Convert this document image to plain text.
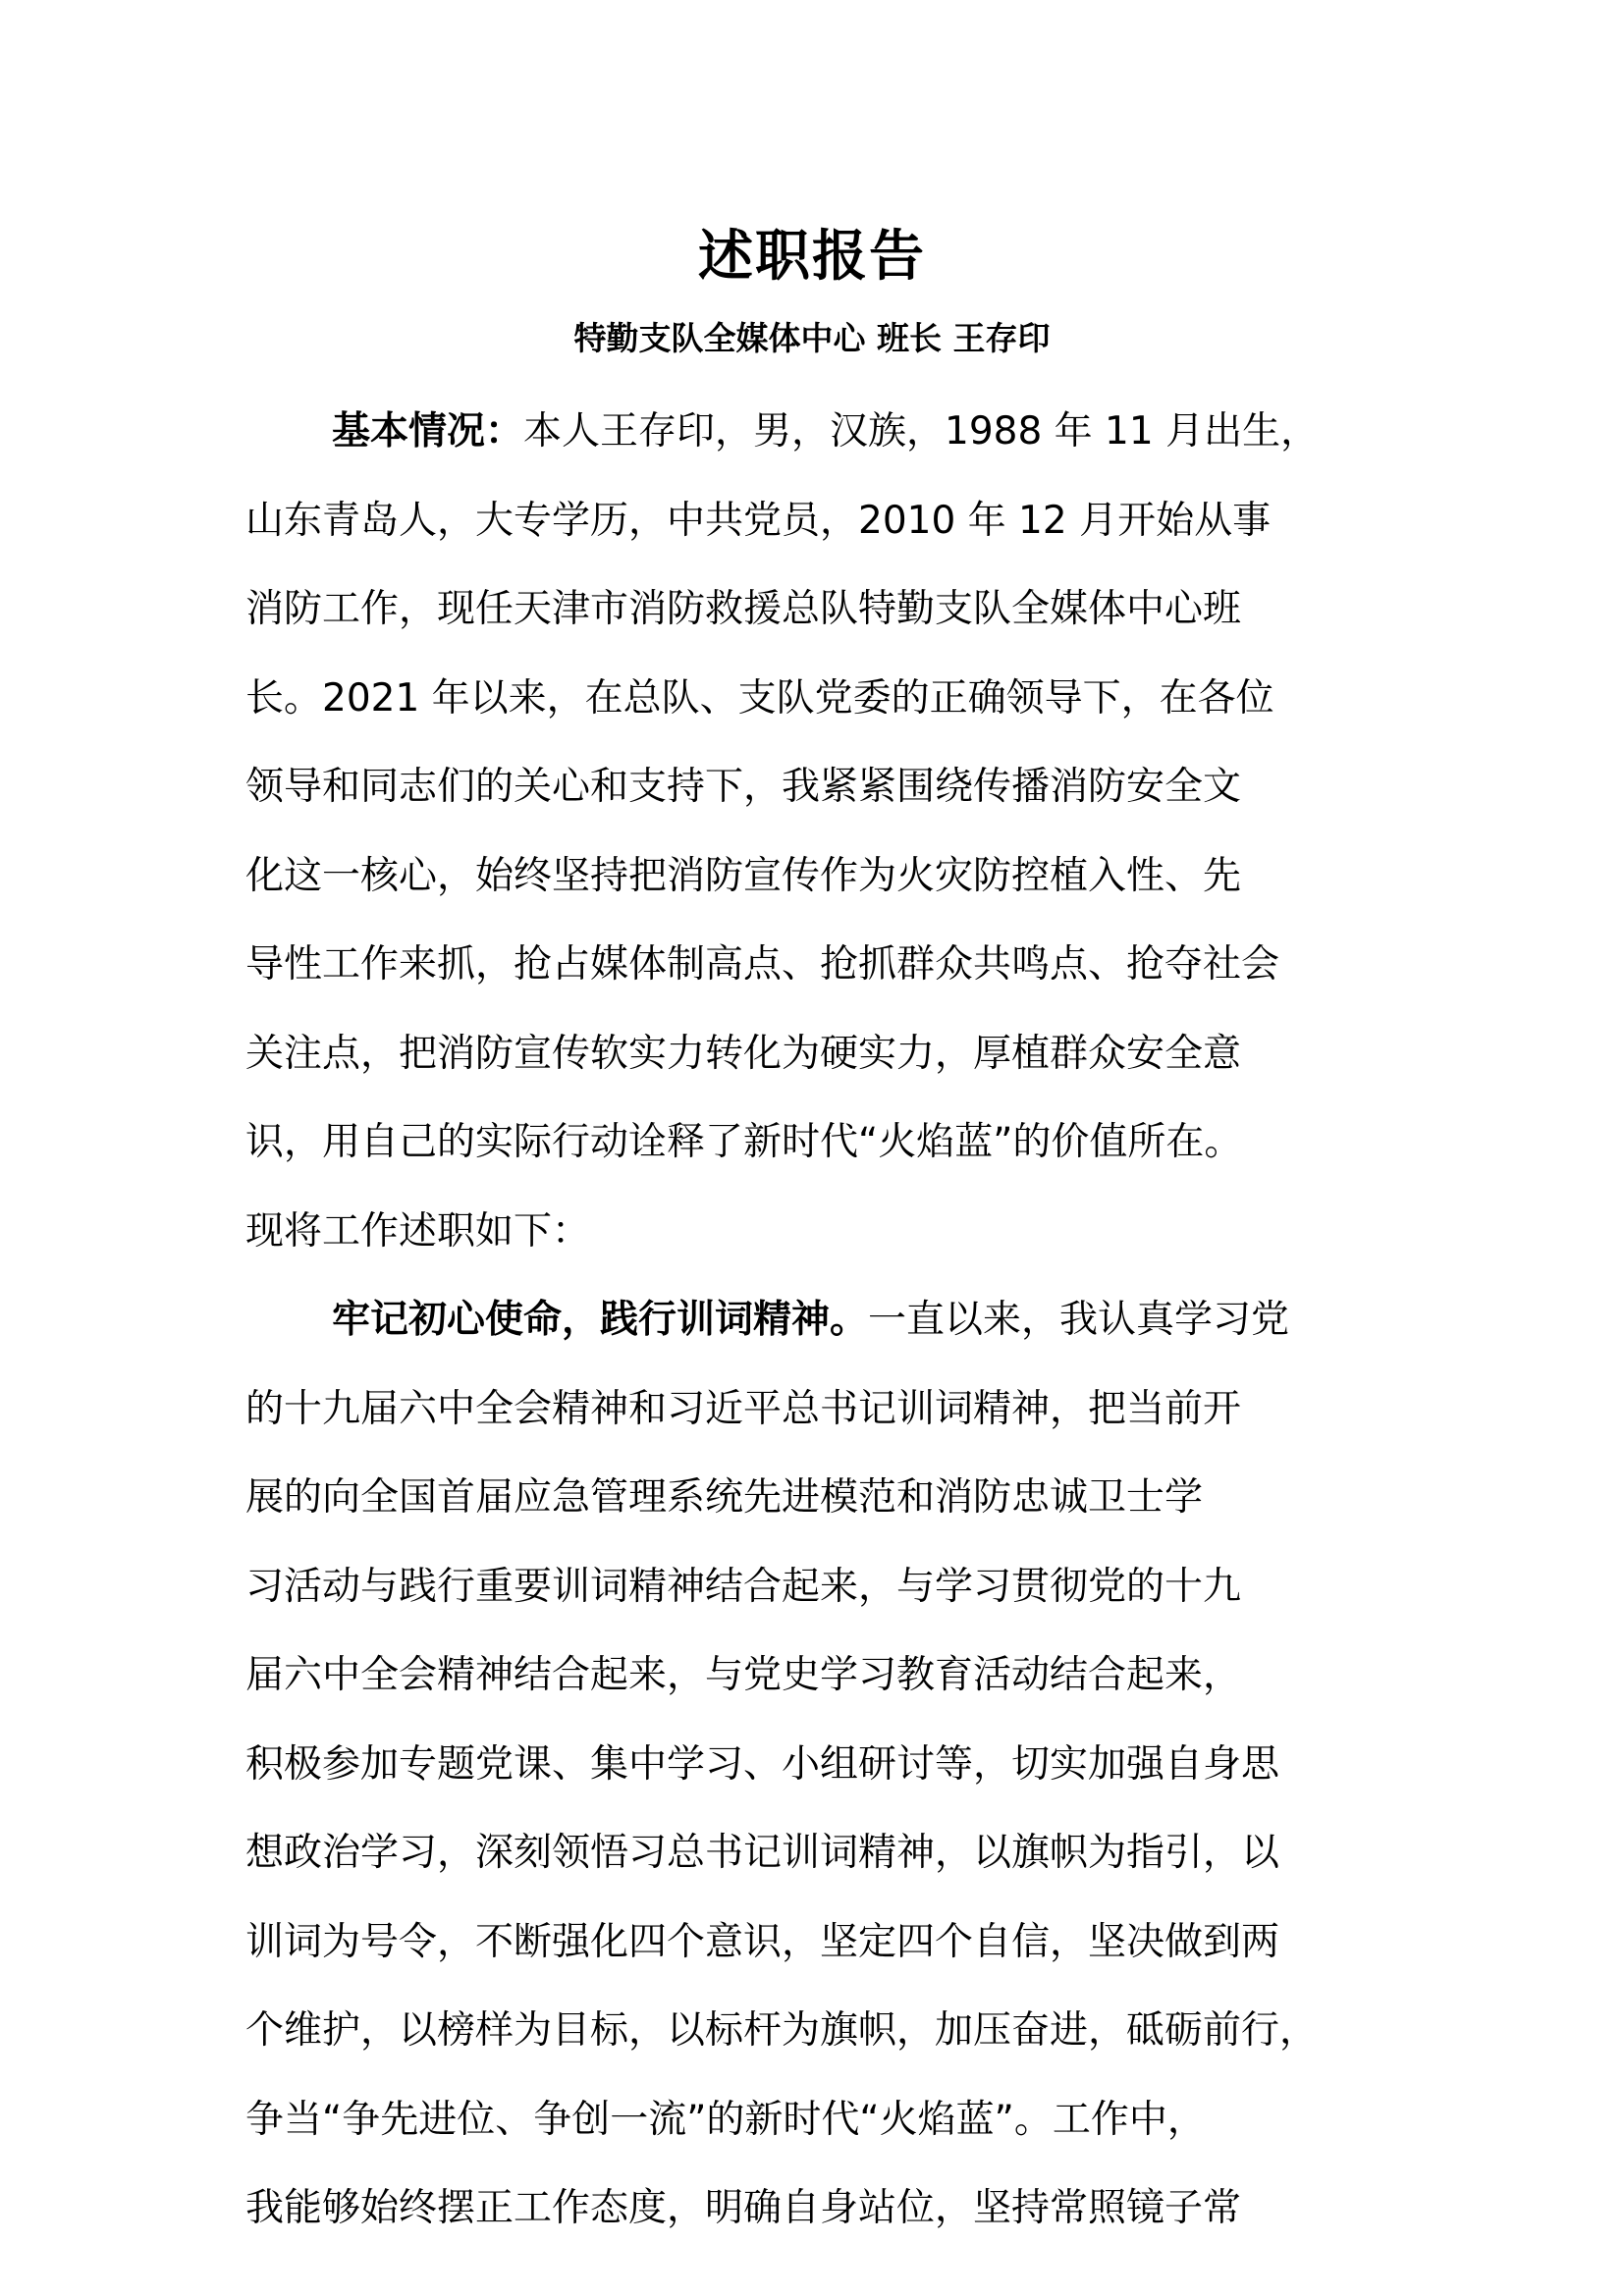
述职报告
特勤支队全媒体中心 班长 王存印
基本情况：本人王存印，男，汉族，1988 年 11 月出生，
山东青岛人，大专学历，中共党员，2010 年 12 月开始从事
消防工作，现任天津市消防救援总队特勤支队全媒体中心班
长。2021 年以来，在总队、支队党委的正确领导下，在各位
领导和同志们的关心和支持下，我紧紧围绕传播消防安全文
化这一核心，始终坚持把消防宣传作为火灾防控植入性、先
导性工作来抓，抢占媒体制高点、抢抓群众共鸣点、抢夺社会
关注点，把消防宣传软实力转化为硬实力，厚植群众安全意
识，用自己的实际行动诠释了新时代“火焰蓝”的价值所在。
现将工作述职如下：
牢记初心使命，践行训词精神。一直以来，我认真学习党
的十九届六中全会精神和习近平总书记训词精神，把当前开
展的向全国首届应急管理系统先进模范和消防忠诚卫士学
习活动与践行重要训词精神结合起来，与学习贯彻党的十九
届六中全会精神结合起来，与党史学习教育活动结合起来，
积极参加专题党课、集中学习、小组研讨等，切实加强自身思
想政治学习，深刻领悟习总书记训词精神，以旗帜为指引，以
训词为号令，不断强化四个意识，坚定四个自信，坚决做到两
个维护，以榜样为目标，以标杆为旗帜，加压奋进，砥砺前行，
争当“争先进位、争创一流”的新时代“火焰蓝”。工作中，
我能够始终摆正工作态度，明确自身站位，坚持常照镜子常
